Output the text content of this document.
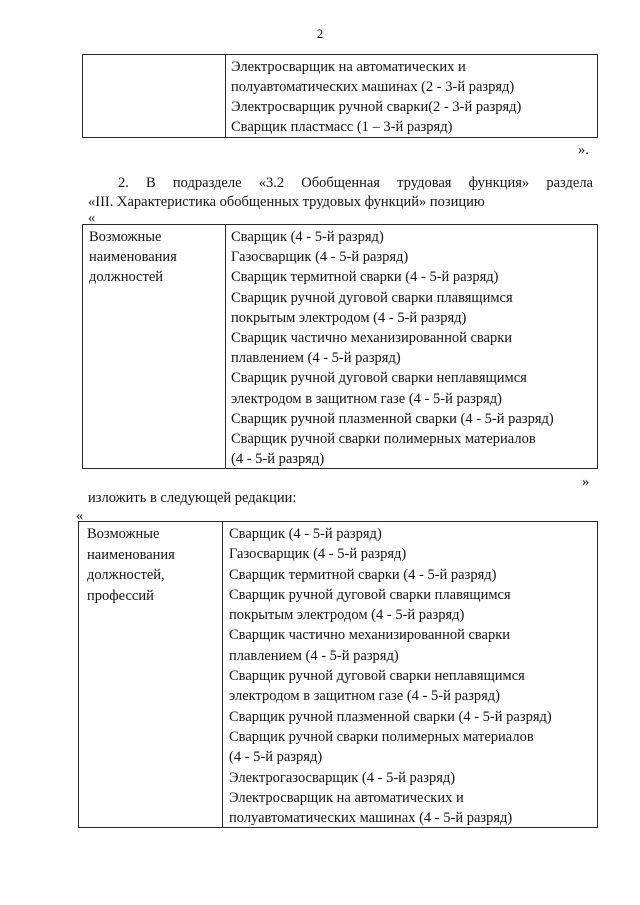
2
Электросварщик на автоматических и
полуавтоматических машинах (2 - 3-й разряд)
Электросварщик ручной сварки(2 - 3-й разряд)
Сварщик пластмасс (1 – 3-й разряд)
».
2. В подразделе «3.2 Обобщенная трудовая функция» раздела
«III. Характеристика обобщенных трудовых функций» позицию
«
Возможные
наименования
должностей
Сварщик (4 - 5-й разряд)
Газосварщик (4 - 5-й разряд)
Сварщик термитной сварки (4 - 5-й разряд)
Сварщик ручной дуговой сварки плавящимся
покрытым электродом (4 - 5-й разряд)
Сварщик частично механизированной сварки
плавлением (4 - 5-й разряд)
Сварщик ручной дуговой сварки неплавящимся
электродом в защитном газе (4 - 5-й разряд)
Сварщик ручной плазменной сварки (4 - 5-й разряд)
Сварщик ручной сварки полимерных материалов
(4 - 5-й разряд)
»
изложить в следующей редакции:
«
Возможные
наименования
должностей,
профессий
Сварщик (4 - 5-й разряд)
Газосварщик (4 - 5-й разряд)
Сварщик термитной сварки (4 - 5-й разряд)
Сварщик ручной дуговой сварки плавящимся
покрытым электродом (4 - 5-й разряд)
Сварщик частично механизированной сварки
плавлением (4 - 5-й разряд)
Сварщик ручной дуговой сварки неплавящимся
электродом в защитном газе (4 - 5-й разряд)
Сварщик ручной плазменной сварки (4 - 5-й разряд)
Сварщик ручной сварки полимерных материалов
(4 - 5-й разряд)
Электрогазосварщик (4 - 5-й разряд)
Электросварщик на автоматических и
полуавтоматических машинах (4 - 5-й разряд)
